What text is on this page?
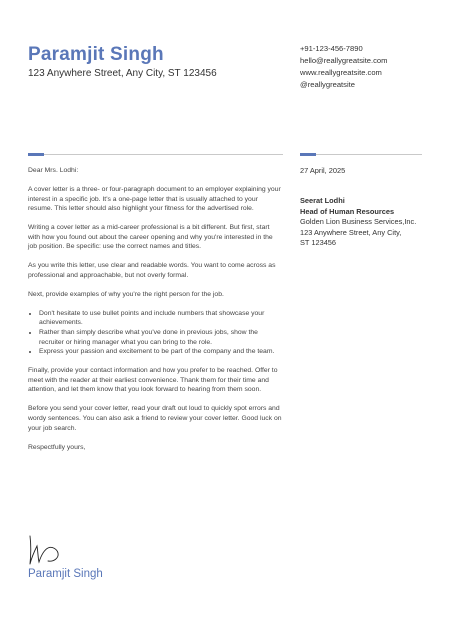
Paramjit Singh
123 Anywhere Street, Any City, ST 123456
+91-123-456-7890
hello@reallygreatsite.com
www.reallygreatsite.com
@reallygreatsite

Dear Mrs. Lodhi:

A cover letter is a three- or four-paragraph document to an employer explaining your interest in a specific job. It's a one-page letter that is usually attached to your resume. This letter should also highlight your fitness for the advertised role.

Writing a cover letter as a mid-career professional is a bit different. But first, start with how you found out about the career opening and why you're interested in the job position. Be specific: use the correct names and titles.

As you write this letter, use clear and readable words. You want to come across as professional and approachable, but not overly formal.

Next, provide examples of why you're the right person for the job.

• Don't hesitate to use bullet points and include numbers that showcase your achievements.
• Rather than simply describe what you've done in previous jobs, show the recruiter or hiring manager what you can bring to the role.
• Express your passion and excitement to be part of the company and the team.

Finally, provide your contact information and how you prefer to be reached. Offer to meet with the reader at their earliest convenience. Thank them for their time and attention, and let them know that you look forward to hearing from them soon.

Before you send your cover letter, read your draft out loud to quickly spot errors and wordy sentences. You can also ask a friend to review your cover letter. Good luck on your job search.

Respectfully yours,

27 April, 2025
Seerat Lodhi
Head of Human Resources
Golden Lion Business Services,Inc.
123 Anywhere Street, Any City,
ST 123456
Paramjit Singh
